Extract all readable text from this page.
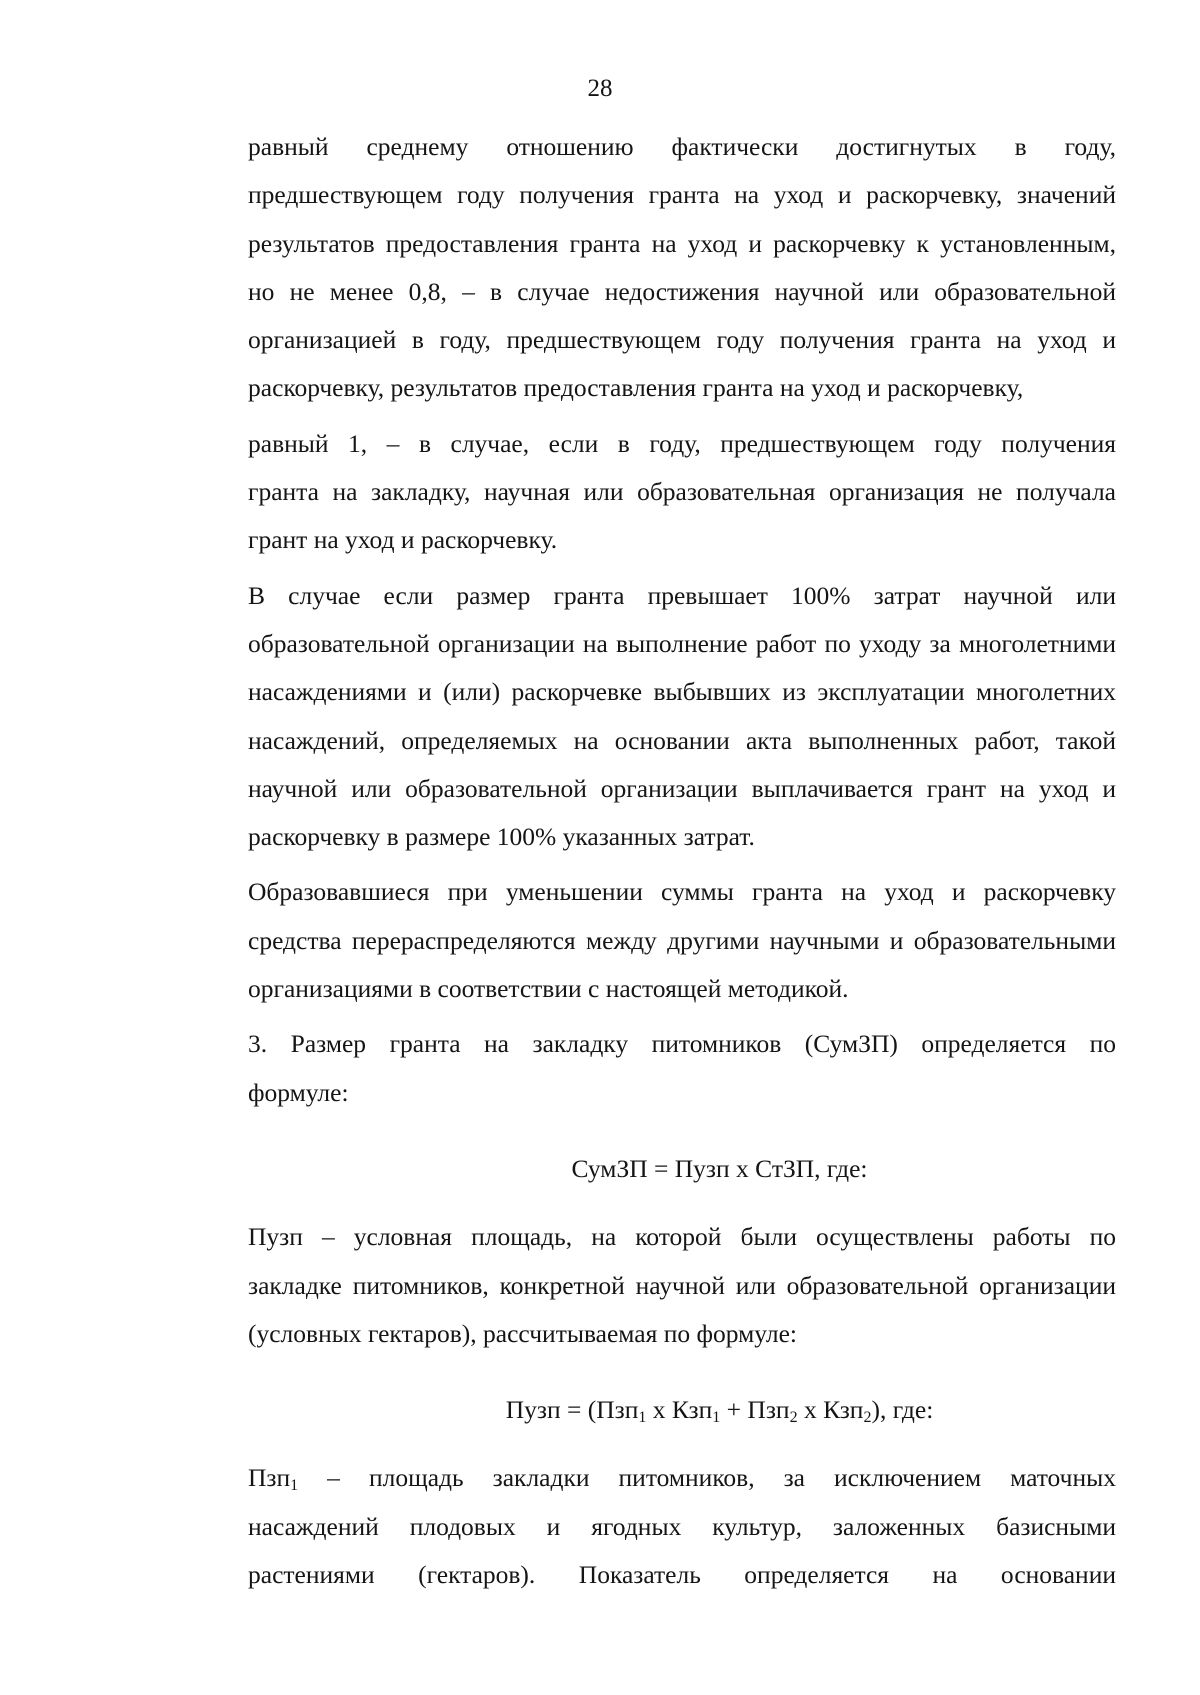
28

равный среднему отношению фактически достигнутых в году,
предшествующем году получения гранта на уход и раскорчевку, значений
результатов предоставления гранта на уход и раскорчевку к установленным,
но не менее 0,8, – в случае недостижения научной или образовательной
организацией в году, предшествующем году получения гранта на уход и
раскорчевку, результатов предоставления гранта на уход и раскорчевку,

равный 1, – в случае, если в году, предшествующем году получения
гранта на закладку, научная или образовательная организация не получала
грант на уход и раскорчевку.

В случае если размер гранта превышает 100% затрат научной или
образовательной организации на выполнение работ по уходу за многолетними
насаждениями и (или) раскорчевке выбывших из эксплуатации многолетних
насаждений, определяемых на основании акта выполненных работ, такой
научной или образовательной организации выплачивается грант на уход и
раскорчевку в размере 100% указанных затрат.

Образовавшиеся при уменьшении суммы гранта на уход и раскорчевку
средства перераспределяются между другими научными и образовательными
организациями в соответствии с настоящей методикой.

3. Размер гранта на закладку питомников (СумЗП) определяется по
формуле:

СумЗП = Пузп х СтЗП, где:

Пузп – условная площадь, на которой были осуществлены работы по
закладке питомников, конкретной научной или образовательной организации
(условных гектаров), рассчитываемая по формуле:

Пузп = (Пзп$_1$ х Кзп$_1$ + Пзп$_2$ х Кзп$_2$), где:

Пзп$_1$ – площадь закладки питомников, за исключением маточных
насаждений плодовых и ягодных культур, заложенных базисными
растениями (гектаров). Показатель определяется на основании
